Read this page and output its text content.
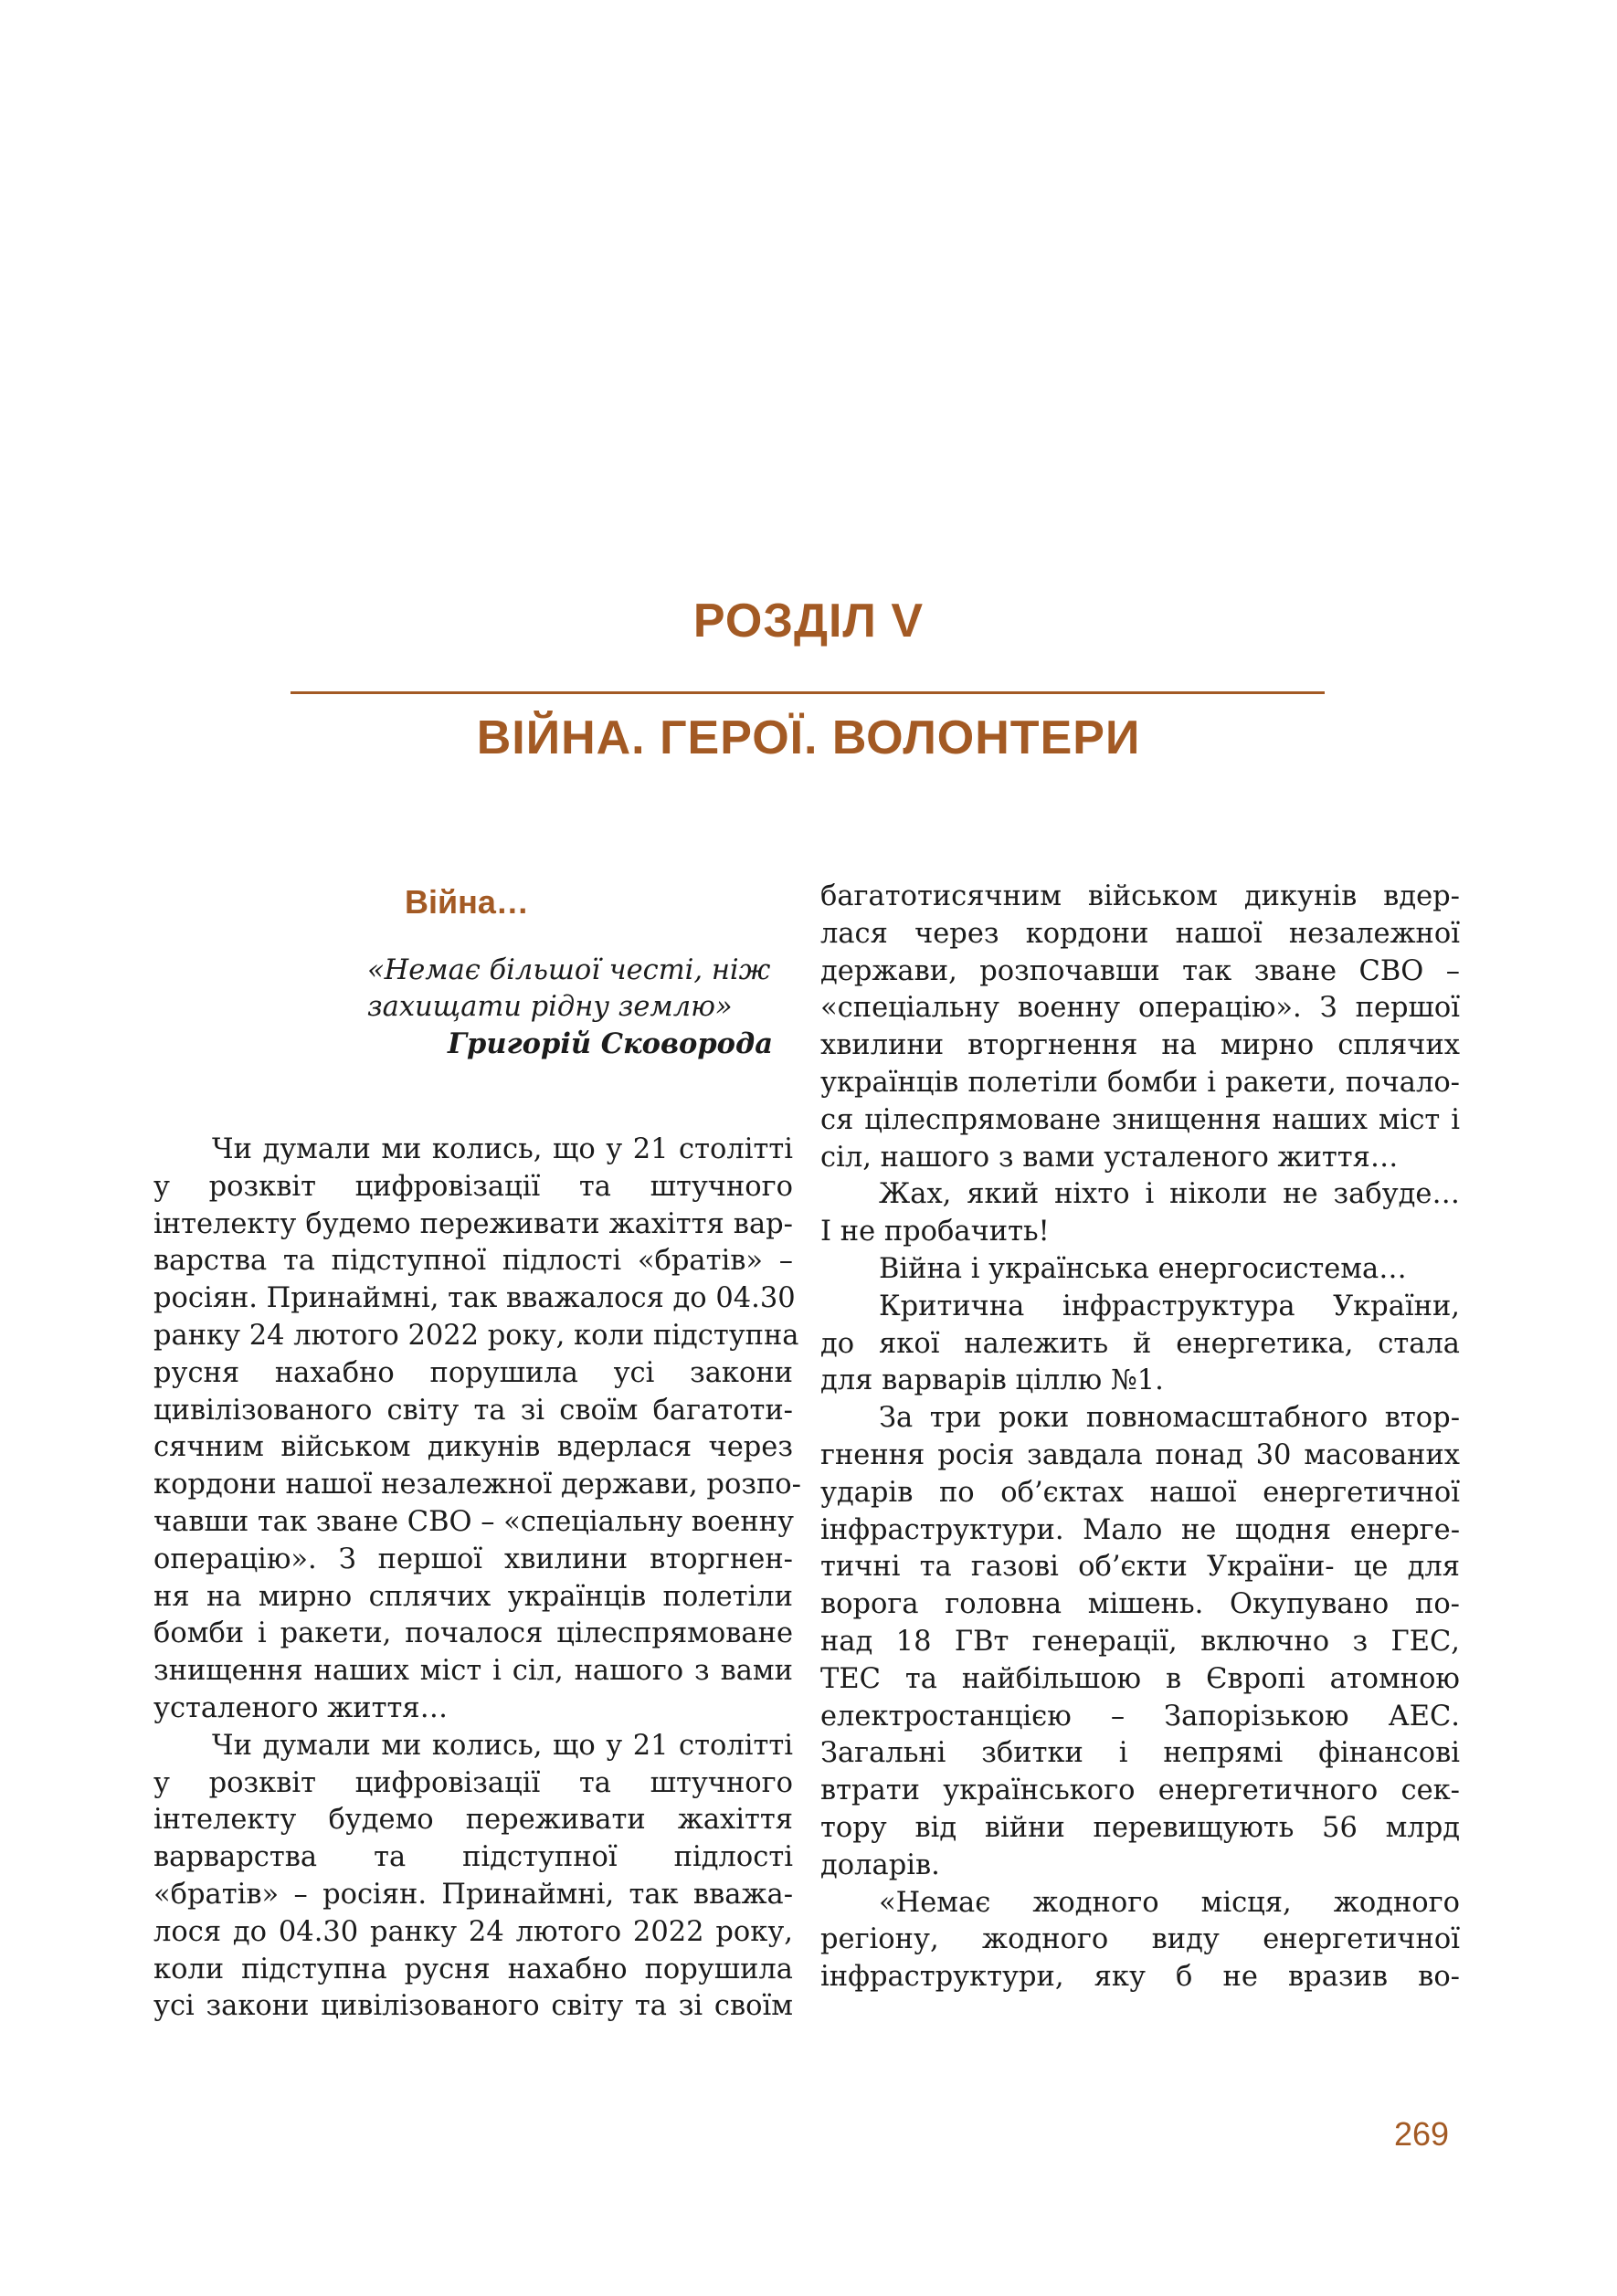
РОЗДІЛ V
ВІЙНА. ГЕРОЇ. ВОЛОНТЕРИ
Війна…
«Немає більшої честі, ніж
захищати рідну землю»
Григорій Сковорода
Чи думали ми колись, що у 21 столітті
у розквіт цифровізації та штучного
інтелекту будемо переживати жахіття вар-
варства та підступної підлості «братів» –
росіян. Принаймні, так вважалося до 04.30
ранку 24 лютого 2022 року, коли підступна
русня нахабно порушила усі закони
цивілізованого світу та зі своїм багатоти-
сячним військом дикунів вдерлася через
кордони нашої незалежної держави, розпо-
чавши так зване СВО – «спеціальну военну
операцію». З першої хвилини вторгнен-
ня на мирно сплячих українців полетіли
бомби і ракети, почалося цілеспрямоване
знищення наших міст і сіл, нашого з вами
усталеного життя…
Чи думали ми колись, що у 21 столітті
у розквіт цифровізації та штучного
інтелекту будемо переживати жахіття
варварства та підступної підлості
«братів» – росіян. Принаймні, так вважа-
лося до 04.30 ранку 24 лютого 2022 року,
коли підступна русня нахабно порушила
усі закони цивілізованого світу та зі своїм
багатотисячним військом дикунів вдер-
лася через кордони нашої незалежної
держави, розпочавши так зване СВО –
«спеціальну военну операцію». З першої
хвилини вторгнення на мирно сплячих
українців полетіли бомби і ракети, почало-
ся цілеспрямоване знищення наших міст і
сіл, нашого з вами усталеного життя…
Жах, який ніхто і ніколи не забуде…
І не пробачить!
Війна і українська енергосистема…
Критична інфраструктура України,
до якої належить й енергетика, стала
для варварів ціллю №1.
За три роки повномасштабного втор-
гнення росія завдала понад 30 масованих
ударів по об’єктах нашої енергетичної
інфраструктури. Мало не щодня енерге-
тичні та газові об’єкти України- це для
ворога головна мішень. Окупувано по-
над 18 ГВт генерації, включно з ГЕС,
ТЕС та найбільшою в Європі атомною
електростанцією – Запорізькою АЕС.
Загальні збитки і непрямі фінансові
втрати українського енергетичного сек-
тору від війни перевищують 56 млрд
доларів.
«Немає жодного місця, жодного
регіону, жодного виду енергетичної
інфраструктури, яку б не вразив во-
269
